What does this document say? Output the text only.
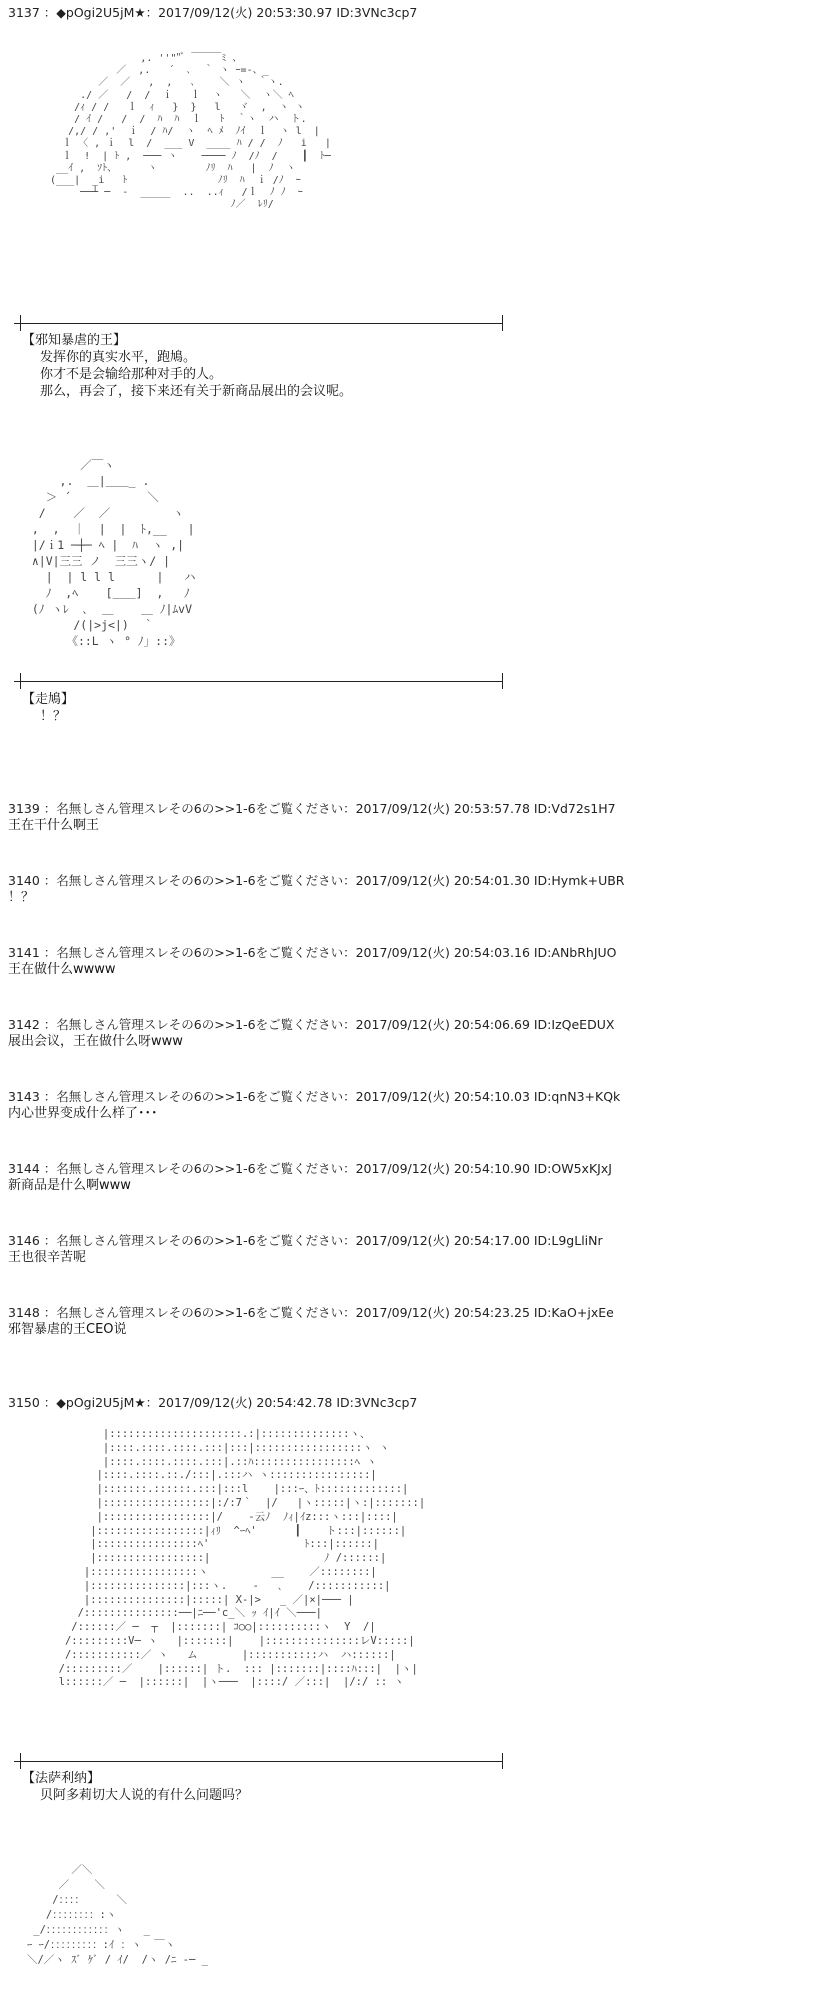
3137 ：◆pOgi2U5jM★：2017/09/12(火) 20:53:30.97 ID:3VNc3cp7
,. ''""ﾞ ￣￣￣ﾐ 、
／  ,.   ´  ､  ｀ ヽ ｰ=-、_
／  ／   ,  ,   ､    ＼ ヽ  ｀ヽ.
./ ／   /  /  ｉ   ｌ  ヽ   ＼  ヽ＼ ﾍ
/ｨ / /   ｌ  ｨ   }  }   l   ヾ  ,  ヽ ヽ
/ ｲ /   /  /  ﾊ  ﾊ  ｌ   ﾄ  ｀ヽ  ハ  ト.
/,/ / ,'  ｉ  / ﾊ/  ヽ  ﾍ ﾒ  ﾉｲ  ｌ  ヽ l  |
ｌ 〈 , ｉ  l  /  ___ V  ____ ﾊ / /  ﾉ   i   |
ｌ  !  | ﾄ ,  ─── ヽ    ──── ﾉ  /ﾉ  /    ┃  ﾄ─
__ｲ ,  ｿﾄ、     ヽ        ﾉﾘ  ﾊ   |  ﾉ  ヽ
(___|  _i   ﾄ               ﾉﾘ  ﾊ  ｉ /ﾉ  ｰ
──┴ ─  ‐  _____  ..  ..ｨ   /ｌ  ﾉ ﾉ  ｰ
ﾉ／  ﾚﾘ/
【邪知暴虐的王】
发挥你的真实水平，跑鳩。
你才不是会输给那种对手的人。
那么，再会了，接下来还有关于新商品展出的会议呢。
／￣ヽ
,.  ＿|＿＿_ .
＞ ´           ＼
/    ／  ／         ヽ
,  ,  ｜  |  |  ﾄ,__   |
|/ｉ1 ─┼─ ﾍ |  ﾊ  ヽ ,|
∧|V|三三 ノ  三三ヽ/ |
|  | l l l      |   ハ
ﾉ  ,ﾍ    [＿＿]  ,   ﾉ
(ﾉ ヽﾚ  ､  ＿    ＿ ﾉ|ﾑvV
/(|>j<|)  ｀
《::L ヽ ° ﾉ」::》
【走鳩】
！？
3139 ：名無しさん管理スレその6の>>1-6をご覧ください：2017/09/12(火) 20:53:57.78 ID:Vd72s1H7
王在干什么啊王
3140 ：名無しさん管理スレその6の>>1-6をご覧ください：2017/09/12(火) 20:54:01.30 ID:Hymk+UBR
！？
3141 ：名無しさん管理スレその6の>>1-6をご覧ください：2017/09/12(火) 20:54:03.16 ID:ANbRhJUO
王在做什么wwww
3142 ：名無しさん管理スレその6の>>1-6をご覧ください：2017/09/12(火) 20:54:06.69 ID:IzQeEDUX
展出会议，王在做什么呀www
3143 ：名無しさん管理スレその6の>>1-6をご覧ください：2017/09/12(火) 20:54:10.03 ID:qnN3+KQk
内心世界变成什么样了･･･
3144 ：名無しさん管理スレその6の>>1-6をご覧ください：2017/09/12(火) 20:54:10.90 ID:OW5xKJxJ
新商品是什么啊www
3146 ：名無しさん管理スレその6の>>1-6をご覧ください：2017/09/12(火) 20:54:17.00 ID:L9gLliNr
王也很辛苦呢
3148 ：名無しさん管理スレその6の>>1-6をご覧ください：2017/09/12(火) 20:54:23.25 ID:KaO+jxEe
邪智暴虐的王CEO说
3150 ：◆pOgi2U5jM★：2017/09/12(火) 20:54:42.78 ID:3VNc3cp7
|:::::::::::::::::::::.:|::::::::::::::ヽ、
|::::.::::.::::.:::|:::|:::::::::::::::::ヽ ヽ
|::::.::::.::::.:::|.::ﾊ::::::::::::::::ﾍ ヽ
|::::.::::.::./:::|.:::ハ ヽ::::::::::::::::|
|:::::::.::::::.:::|:::l    |:::ｰ、ﾄ:::::::::::::|
|:::::::::::::::::|:/:7｀  |/   |ヽ:::::|ヽ:|:::::::|
|:::::::::::::::::|/    -云ﾉ  ﾉｨ|ｲz:::ヽ:::|::::|
|:::::::::::::::::|ｨﾘ  ^ｰﾍ'      ┃    ト:::|::::::|
|::::::::::::::::ﾍ'               ﾄ:::|::::::|
|:::::::::::::::::|                  ﾉ /::::::|
|:::::::::::::::::ヽ          __    ／::::::::|
|:::::::::::::::|:::ヽ.    -   ､    /:::::::::::|
|:::::::::::::::|:::::| X-|>   _ ／|×|─── |
/:::::::::::::::──|ﾆ──'c_＼ ｯ ｲ|ｲ ＼───|
/::::::／ ─  ┬  |:::::::| ｺ○○|::::::::::ヽ  Y  /|
/:::::::::V─ ヽ   |:::::::|    |:::::::::::::::レV:::::|
/:::::::::::／ ヽ   ム       |:::::::::::ハ  ハ::::::|
/:::::::::／    |::::::| ト.  ::: |:::::::|::::ﾊ:::|  |ヽ|
l::::::／ ─  |::::::|  |ヽ───  |::::/ ／:::|  |/:/ :: ヽ
【法萨利纳】
贝阿多莉切大人说的有什么问题吗？
／＼
／    ＼
/：：：：     ＼
/：：：：：：：：:ヽ
_/：：：：：：：：：：：：ヽ   _
ｰ ｰ/：：：：：：：：：:ｲ ：ヽ  ￣ヽ
＼/／ヽ ｽﾞ ｹﾞ / ｲ/  /ヽ /ﾆ -─ _
